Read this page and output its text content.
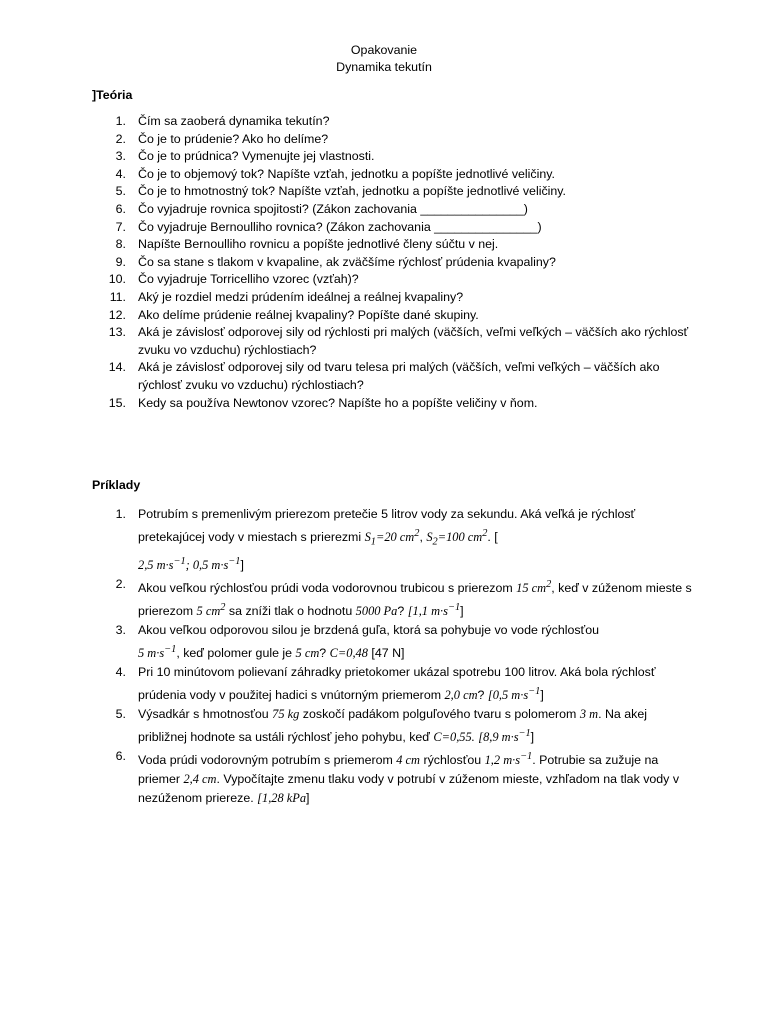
Opakovanie
Dynamika tekutín
]Teória
1. Čím sa zaoberá dynamika tekutín?
2. Čo je to prúdenie? Ako ho delíme?
3. Čo je to prúdnica? Vymenujte jej vlastnosti.
4. Čo je to objemový tok? Napíšte vzťah, jednotku a popíšte jednotlivé veličiny.
5. Čo je to hmotnostný tok? Napíšte vzťah, jednotku a popíšte jednotlivé veličiny.
6. Čo vyjadruje rovnica spojitosti? (Zákon zachovania _______________)
7. Čo vyjadruje Bernoulliho rovnica? (Zákon zachovania _______________)
8. Napíšte Bernoulliho rovnicu a popíšte jednotlivé členy súčtu v nej.
9. Čo sa stane s tlakom v kvapaline, ak zväčšíme rýchlosť prúdenia kvapaliny?
10. Čo vyjadruje Torricelliho vzorec (vzťah)?
11. Aký je rozdiel medzi prúdením ideálnej a reálnej kvapaliny?
12. Ako delíme prúdenie reálnej kvapaliny? Popíšte dané skupiny.
13. Aká je závislosť odporovej sily od rýchlosti pri malých (väčších, veľmi veľkých – väčších ako rýchlosť zvuku vo vzduchu) rýchlostiach?
14. Aká je závislosť odporovej sily od tvaru telesa pri malých (väčších, veľmi veľkých – väčších ako rýchlosť zvuku vo vzduchu) rýchlostiach?
15. Kedy sa používa Newtonov vzorec? Napíšte ho a popíšte veličiny v ňom.
Príklady
1. Potrubím s premenlivým prierezom pretečie 5 litrov vody za sekundu. Aká veľká je rýchlosť pretekajúcej vody v miestach s prierezmi $S_1=20$ $cm^2$, $S_2=100$ $cm^2$. [
2,5 $m\cdot s^{-1}$; 0,5 $m\cdot s^{-1}$]
2. Akou veľkou rýchlosťou prúdi voda vodorovnou trubicou s prierezom 15 $cm^2$, keď v zúženom mieste s prierezom 5 $cm^2$ sa zníži tlak o hodnotu 5000 Pa? [1,1 $m\cdot s^{-1}$]
3. Akou veľkou odporovou silou je brzdená guľa, ktorá sa pohybuje vo vode rýchlosťou
5 $m\cdot s^{-1}$, keď polomer gule je 5 cm? C=0,48 [47 N]
4. Pri 10 minútovom polievaní záhradky prietokomer ukázal spotrebu 100 litrov. Aká bola rýchlosť prúdenia vody v použitej hadici s vnútorným priemerom 2,0 cm? [0,5 $m\cdot s^{-1}$]
5. Výsadkár s hmotnosťou 75 kg zoskočí padákom polguľového tvaru s polomerom 3 m. Na akej približnej hodnote sa ustáli rýchlosť jeho pohybu, keď C=0,55. [8,9 $m\cdot s^{-1}$]
6. Voda prúdi vodorovným potrubím s priemerom 4 cm rýchlosťou 1,2 $m\cdot s^{-1}$. Potrubie sa zužuje na priemer 2,4 cm. Vypočítajte zmenu tlaku vody v potrubí v zúženom mieste, vzhľadom na tlak vody v nezúženom priereze. [1,28 kPa]
